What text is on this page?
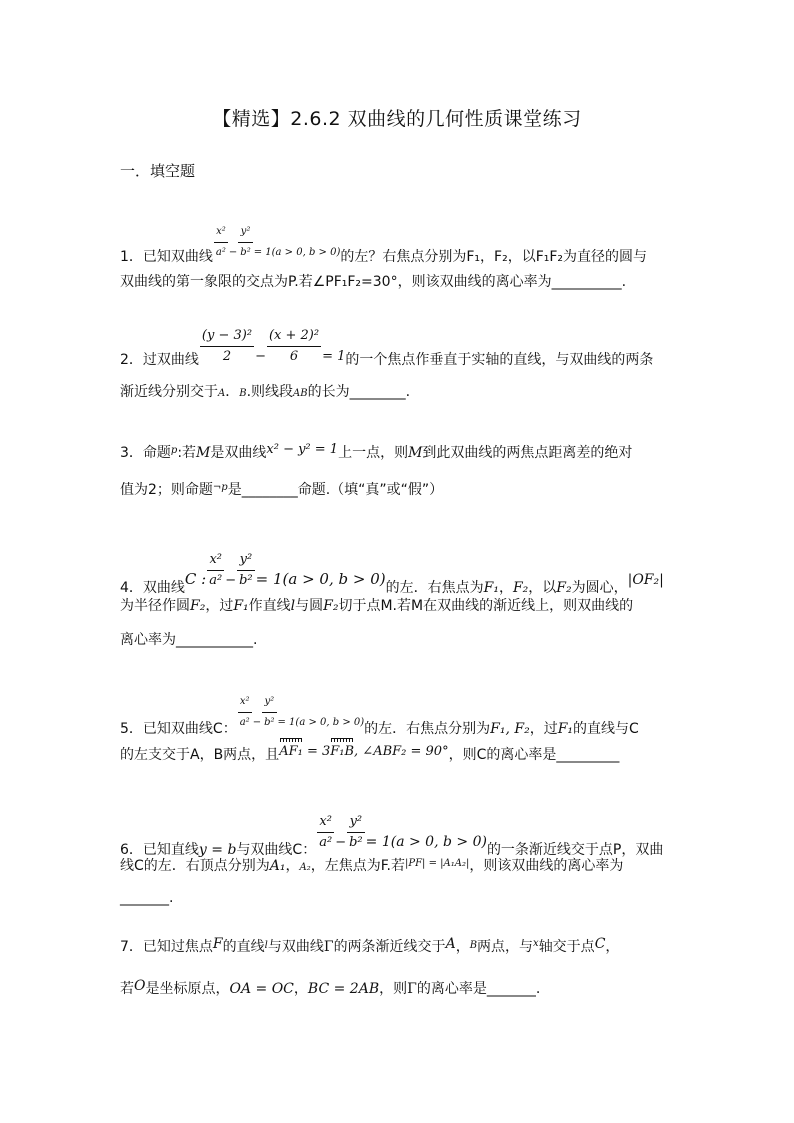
【精选】2.6.2 双曲线的几何性质课堂练习
一．填空题
1．已知双曲线 $\frac{\text{x²}}{\text{a²}} ^- \frac{\text{y²}}{\text{b²}} ^{= 1(a > 0, b > 0)}$的左？右焦点分别为F₁，F₂，以F₁F₂为直径的圆与
双曲线的第一象限的交点为P.若∠PF₁F₂=30°，则该双曲线的离心率为__________.
2．过双曲线 $\frac{\text{(y − 3)²}}{2} - \frac{\text{(x + 2)²}}{6} = 1$的一个焦点作垂直于实轴的直线，与双曲线的两条
渐近线分别交于A．B.则线段AB的长为________.
3．命题$^p$:若M是双曲线x² − y² = 1上一点，则M到此双曲线的两焦点距离差的绝对
值为2；则命题$^{\neg p}$是________命题.（填“真”或“假”）
4．双曲线C : $\frac{\text{x²}}{\text{a²}} - \frac{\text{y²}}{\text{b²}} = 1(a > 0$, b > 0)的左．右焦点为F₁，F₂，以F₂为圆心，|OF₂|
为半径作圆F₂，过F₁作直线l与圆F₂切于点M.若M在双曲线的渐近线上，则双曲线的
离心率为___________.
5．已知双曲线C： $\frac{\text{x²}}{\text{a²}} ^- \frac{\text{y²}}{\text{b²}} ^{= 1(a > 0, b > 0)}$的左．右焦点分别为F₁, F₂，过F₁的直线与C
的左支交于A，B两点，且AF₁ = 3F₁B, ∠ABF₂ = 90°，则C的离心率是_________
6．已知直线y = b与双曲线C： $\frac{\text{x²}}{\text{a²}} - \frac{\text{y²}}{\text{b²}} = 1(a > 0$, b > 0)的一条渐近线交于点P，双曲
线C的左．右顶点分别为A₁，A₂，左焦点为F.若$^{|PF| = |A_1A_2|}$，则该双曲线的离心率为
_______.
7．已知过焦点F的直线$^l$与双曲线Γ的两条渐近线交于A，$^B$两点，与$^x$轴交于点C，
若O是坐标原点，OA = OC，BC = 2AB，则Γ的离心率是_______.
